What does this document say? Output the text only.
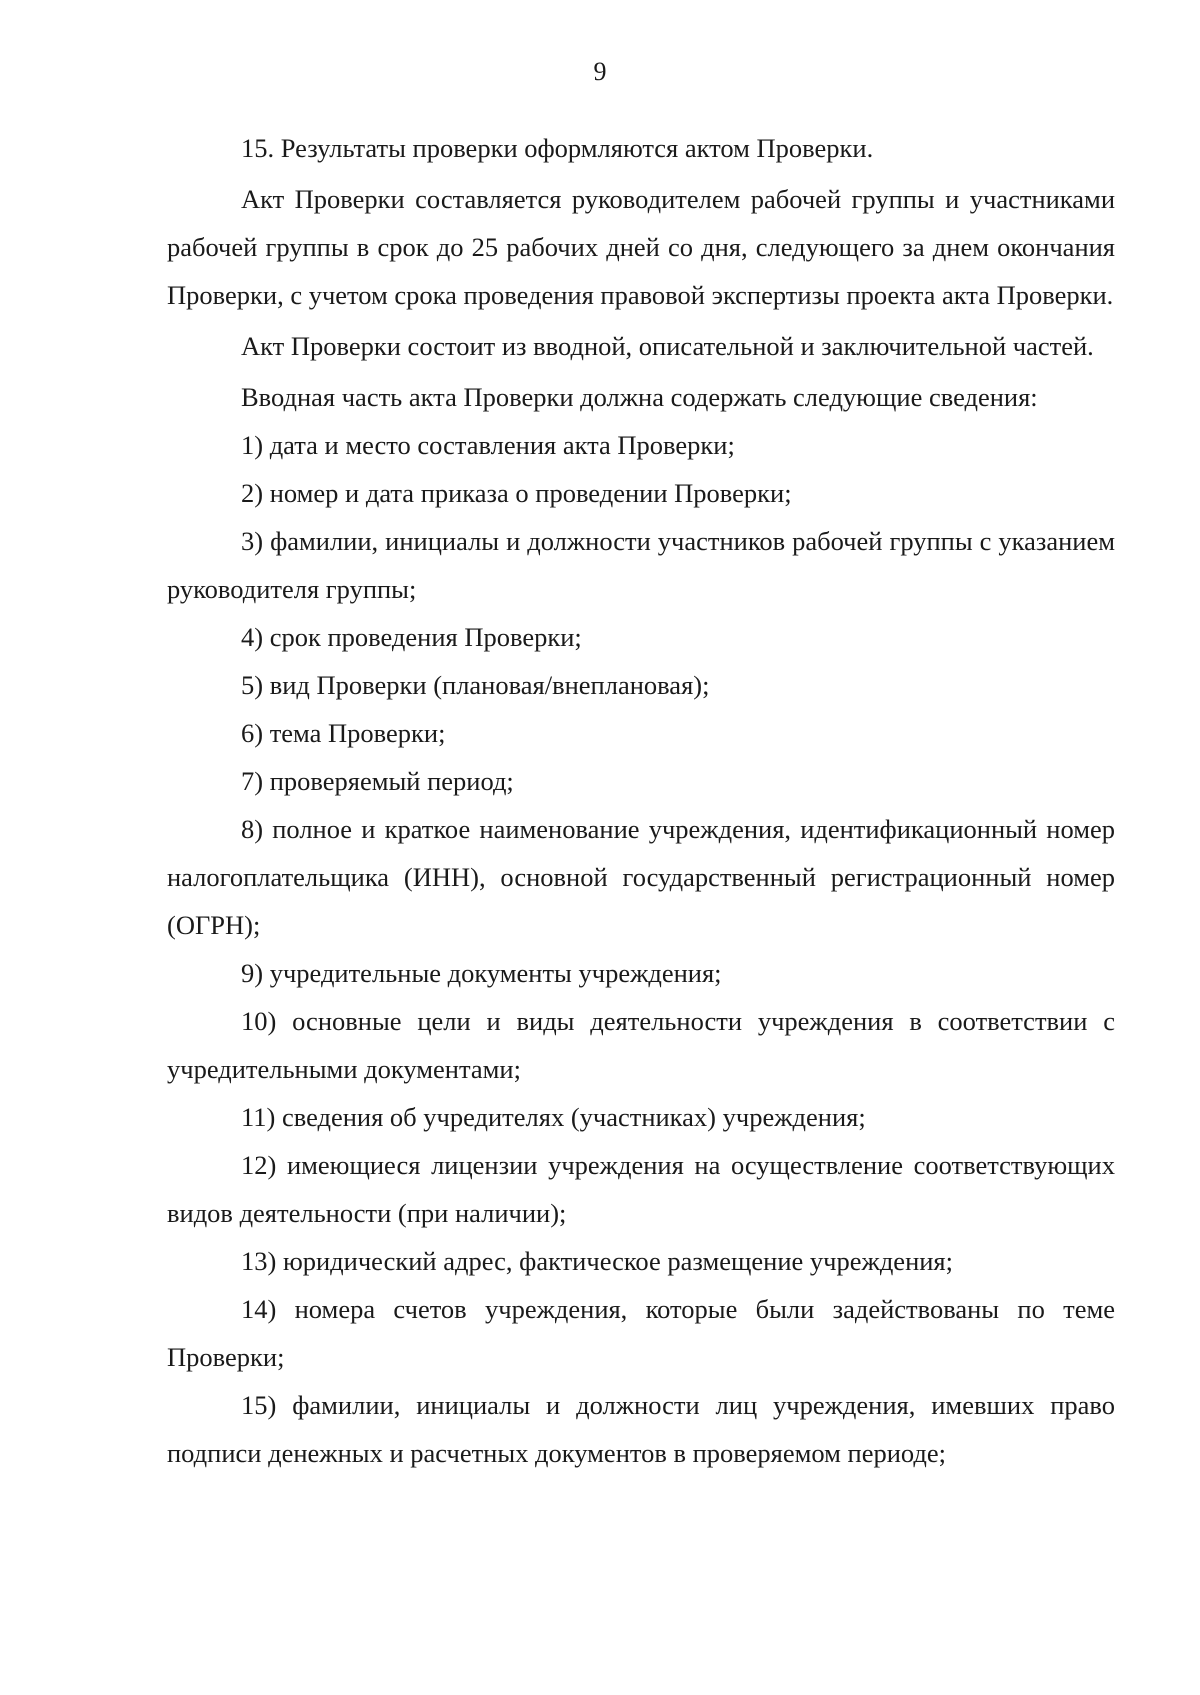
9

15. Результаты проверки оформляются актом Проверки.

Акт Проверки составляется руководителем рабочей группы и участниками рабочей группы в срок до 25 рабочих дней со дня, следующего за днем окончания Проверки, с учетом срока проведения правовой экспертизы проекта акта Проверки.

Акт Проверки состоит из вводной, описательной и заключительной частей.

Вводная часть акта Проверки должна содержать следующие сведения:

1) дата и место составления акта Проверки;

2) номер и дата приказа о проведении Проверки;

3) фамилии, инициалы и должности участников рабочей группы с указанием руководителя группы;

4) срок проведения Проверки;

5) вид Проверки (плановая/внеплановая);

6) тема Проверки;

7) проверяемый период;

8) полное и краткое наименование учреждения, идентификационный номер налогоплательщика (ИНН), основной государственный регистрационный номер (ОГРН);

9) учредительные документы учреждения;

10) основные цели и виды деятельности учреждения в соответствии с учредительными документами;

11) сведения об учредителях (участниках) учреждения;

12) имеющиеся лицензии учреждения на осуществление соответствующих видов деятельности (при наличии);

13) юридический адрес, фактическое размещение учреждения;

14) номера счетов учреждения, которые были задействованы по теме Проверки;

15) фамилии, инициалы и должности лиц учреждения, имевших право подписи денежных и расчетных документов в проверяемом периоде;
